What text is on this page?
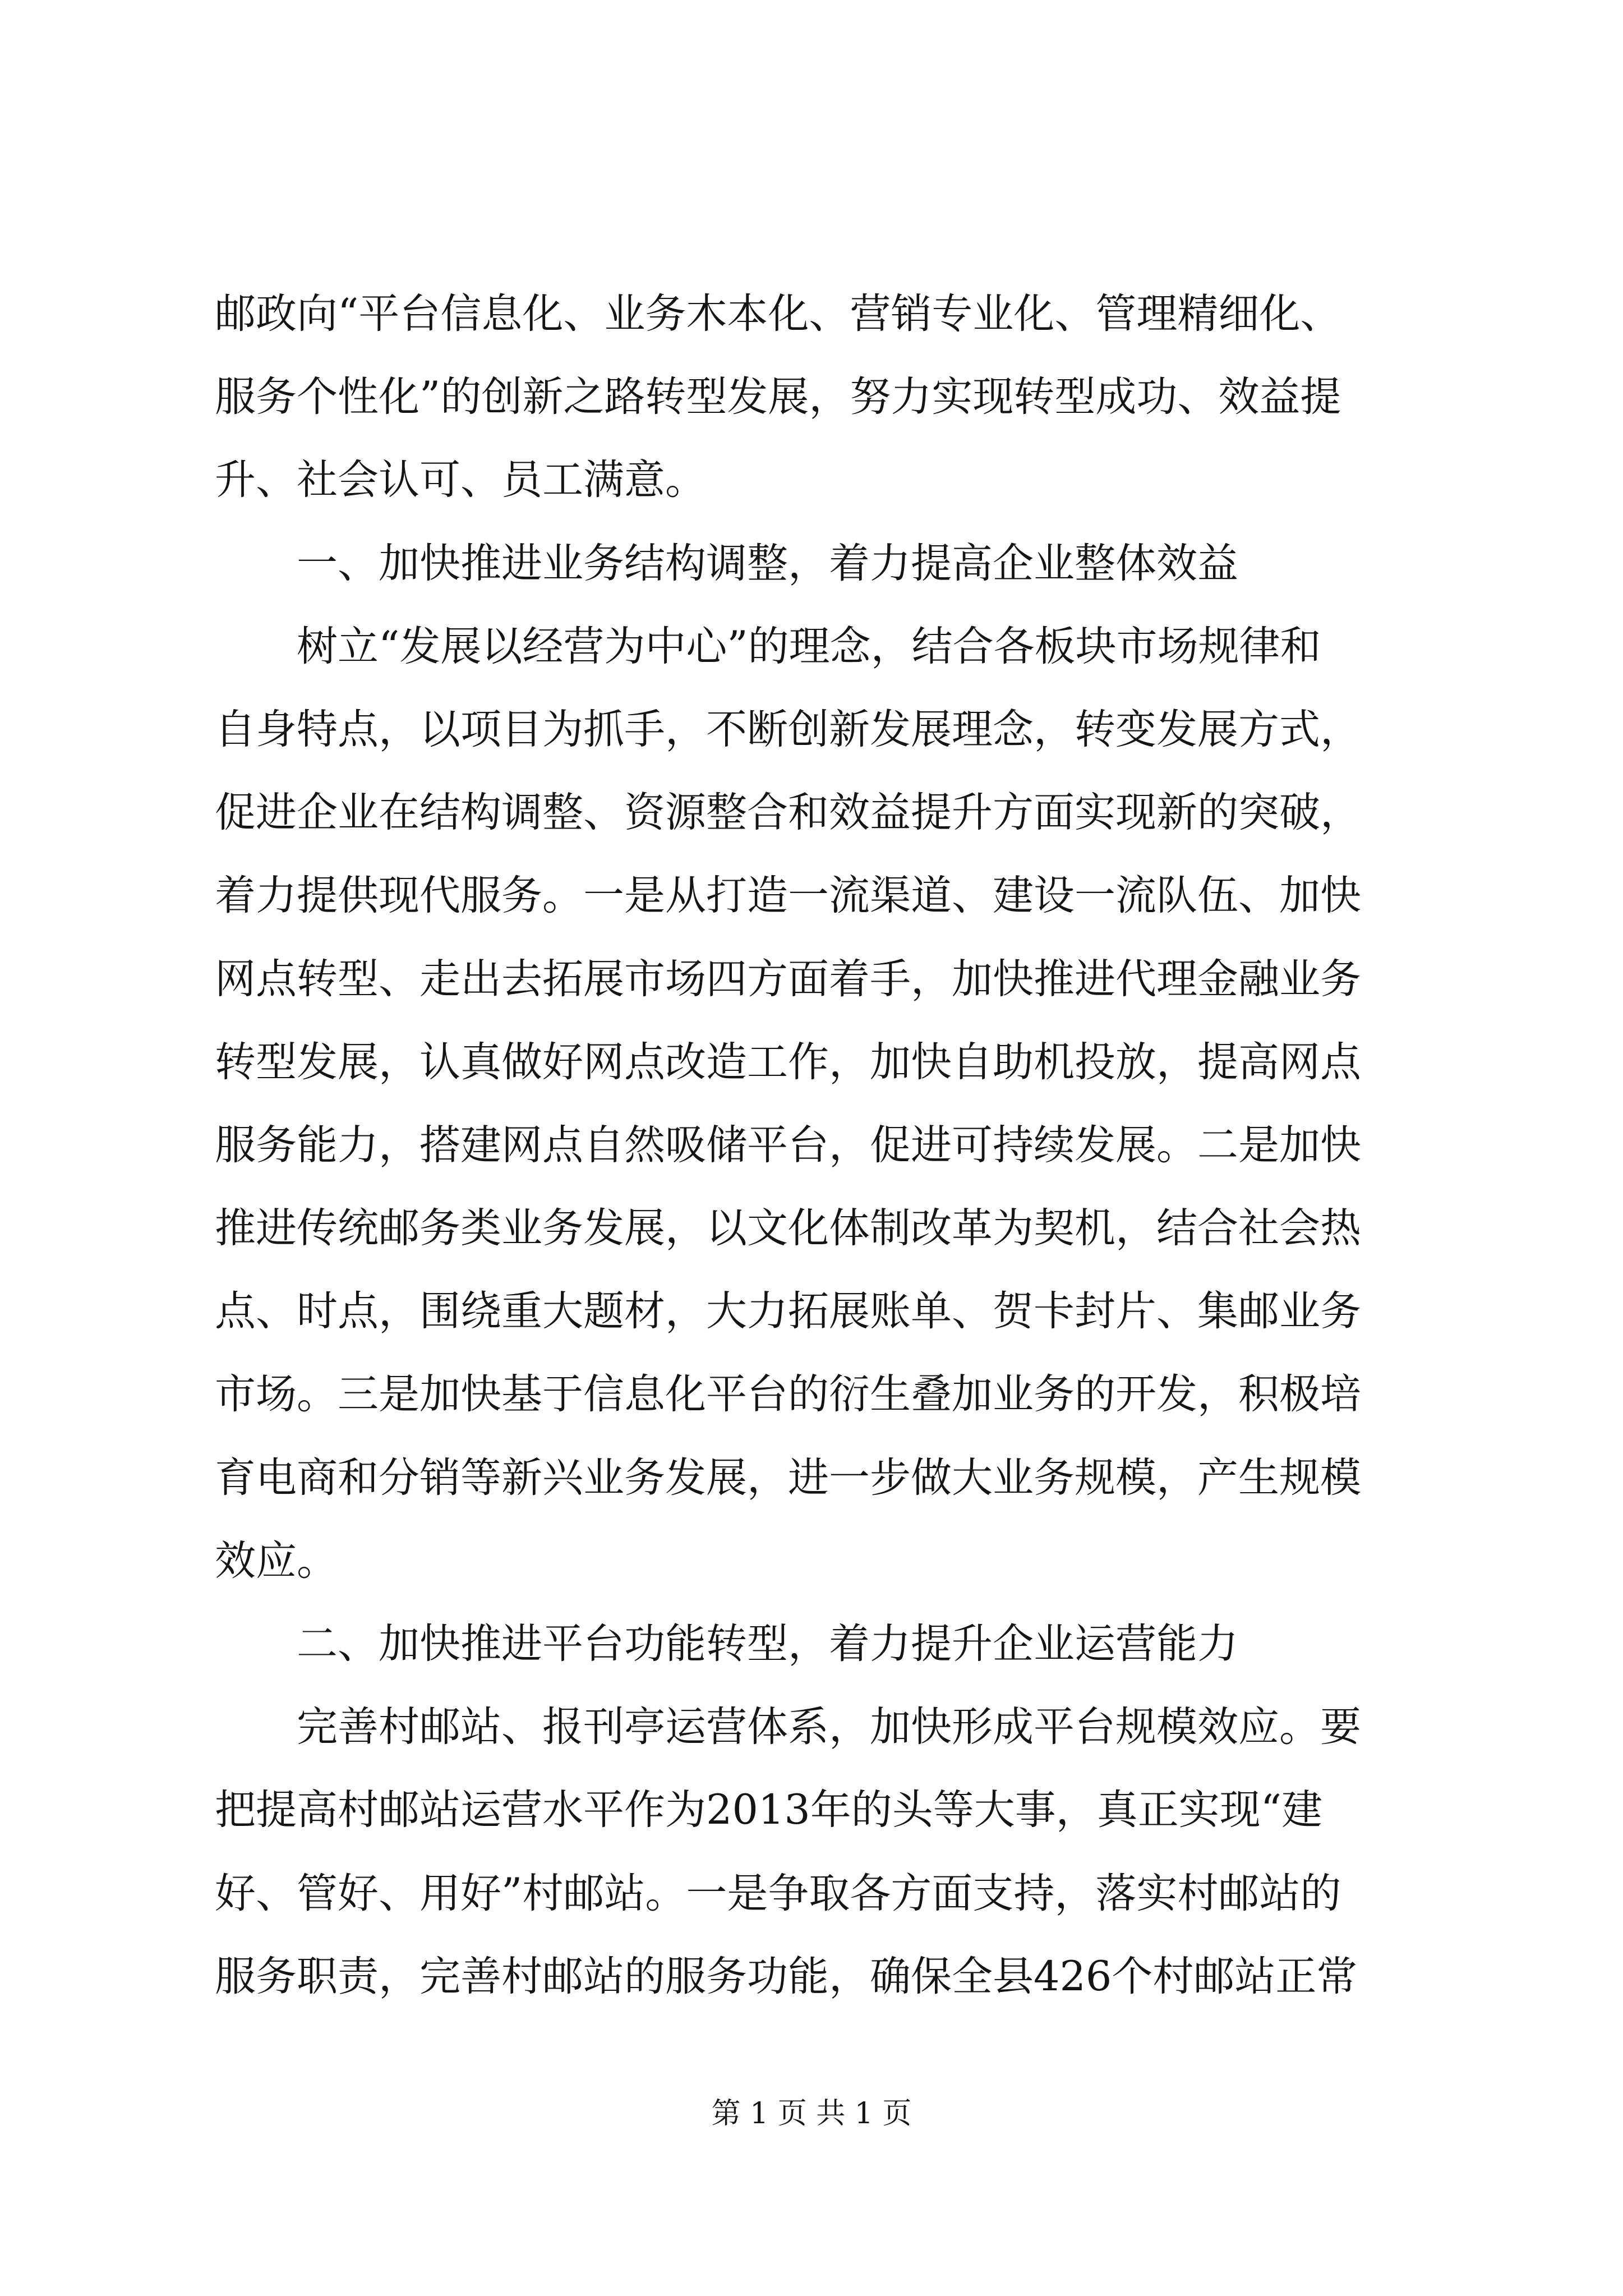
邮政向“平台信息化、业务木本化、营销专业化、管理精细化、
服务个性化”的创新之路转型发展，努力实现转型成功、效益提
升、社会认可、员工满意。
一、加快推进业务结构调整，着力提高企业整体效益
树立“发展以经营为中心”的理念，结合各板块市场规律和
自身特点，以项目为抓手，不断创新发展理念，转变发展方式，
促进企业在结构调整、资源整合和效益提升方面实现新的突破，
着力提供现代服务。一是从打造一流渠道、建设一流队伍、加快
网点转型、走出去拓展市场四方面着手，加快推进代理金融业务
转型发展，认真做好网点改造工作，加快自助机投放，提高网点
服务能力，搭建网点自然吸储平台，促进可持续发展。二是加快
推进传统邮务类业务发展，以文化体制改革为契机，结合社会热
点、时点，围绕重大题材，大力拓展账单、贺卡封片、集邮业务
市场。三是加快基于信息化平台的衍生叠加业务的开发，积极培
育电商和分销等新兴业务发展，进一步做大业务规模，产生规模
效应。
二、加快推进平台功能转型，着力提升企业运营能力
完善村邮站、报刊亭运营体系，加快形成平台规模效应。要
把提高村邮站运营水平作为2013年的头等大事，真正实现“建
好、管好、用好”村邮站。一是争取各方面支持，落实村邮站的
服务职责，完善村邮站的服务功能，确保全县426个村邮站正常
第 1 页 共 1 页
